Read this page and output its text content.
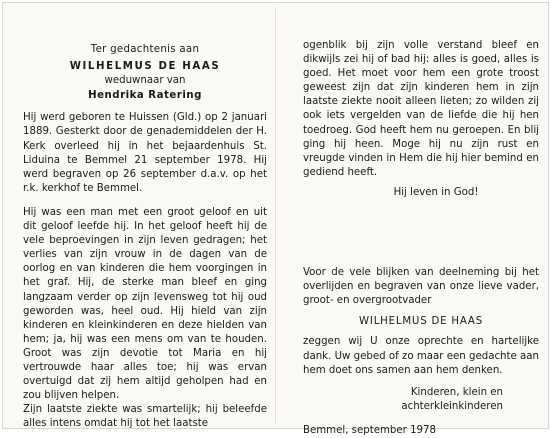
Ter gedachtenis aan

WILHELMUS DE HAAS

weduwnaar van

Hendrika Ratering

Hij werd geboren te Huissen (Gld.) op 2 januari 1889. Gesterkt door de genademiddelen der H. Kerk overleed hij in het bejaardenhuis St. Liduina te Bemmel 21 september 1978. Hij werd begraven op 26 september d.a.v. op het r.k. kerkhof te Bemmel.

Hij was een man met een groot geloof en uit dit geloof leefde hij. In het geloof heeft hij de vele beproevingen in zijn leven gedragen; het verlies van zijn vrouw in de dagen van de oorlog en van kinderen die hem voorgingen in het graf. Hij, de sterke man bleef en ging langzaam verder op zijn levensweg tot hij oud geworden was, heel oud. Hij hield van zijn kinderen en kleinkinderen en deze hielden van hem; ja, hij was een mens om van te houden. Groot was zijn devotie tot Maria en hij vertrouwde haar alles toe; hij was ervan overtuigd dat zij hem altijd geholpen had en zou blijven helpen.

Zijn laatste ziekte was smartelijk; hij beleefde alles intens omdat hij tot het laatste

ogenblik bij zijn volle verstand bleef en dikwijls zei hij of bad hij: alles is goed, alles is goed. Het moet voor hem een grote troost geweest zijn dat zijn kinderen hem in zijn laatste ziekte nooit alleen lieten; zo wilden zij ook iets vergelden van de liefde die hij hen toedroeg. God heeft hem nu geroepen. En blij ging hij heen. Moge hij nu zijn rust en vreugde vinden in Hem die hij hier bemind en gediend heeft.

Hij leven in God!

Voor de vele blijken van deelneming bij het overlijden en begraven van onze lieve vader, groot- en overgrootvader

WILHELMUS DE HAAS

zeggen wij U onze oprechte en hartelijke dank. Uw gebed of zo maar een gedachte aan hem doet ons samen aan hem denken.

Kinderen, klein en

achterkleinkinderen

Bemmel, september 1978
